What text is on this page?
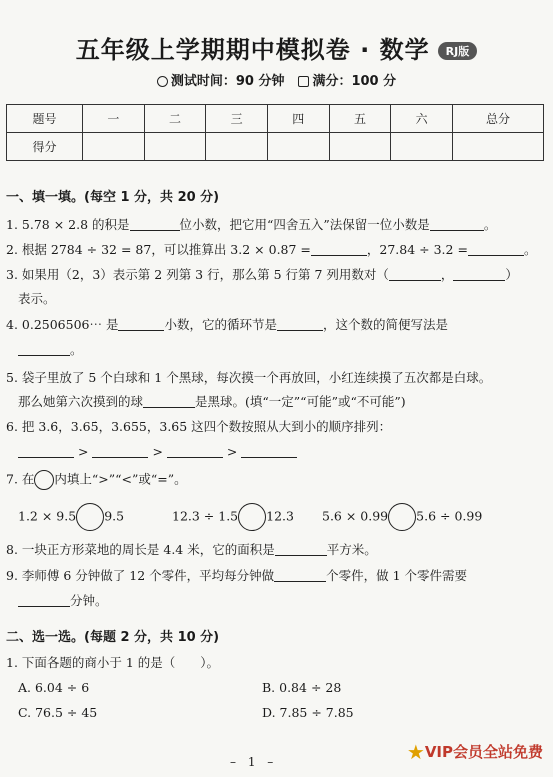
五年级上学期期中模拟卷 · 数学 RJ版
测试时间：90 分钟 满分：100 分
题号	一	二	三	四	五	六	总分
得分							
一、填一填。(每空 1 分，共 20 分)
1. 5.78 × 2.8 的积是	位小数，把它用“四舍五入”法保留一位小数是	。
2. 根据 2784 ÷ 32 = 87，可以推算出 3.2 × 0.87 =	，27.84 ÷ 3.2 =	。
3. 如果用（2，3）表示第 2 列第 3 行，那么第 5 行第 7 列用数对（	，	）
表示。
4. 0.2506506⋯ 是	小数，它的循环节是	，这个数的简便写法是
。
5. 袋子里放了 5 个白球和 1 个黑球，每次摸一个再放回，小红连续摸了五次都是白球。
那么她第六次摸到的球	是黑球。(填“一定”“可能”或“不可能”)
6. 把 3.6̇，3.65̇，3.655，3.6̇5̇ 这四个数按照从大到小的顺序排列：
>	>	>
7. 在 内填上“>”“<”或“=”。
1.2 × 9.5 9.5	12.3 ÷ 1.5 12.3 5.6 × 0.99 5.6 ÷ 0.99
8. 一块正方形菜地的周长是 4.4 米，它的面积是	平方米。
9. 李师傅 6 分钟做了 12 个零件，平均每分钟做	个零件，做 1 个零件需要
分钟。
二、选一选。(每题 2 分，共 10 分)
1. 下面各题的商小于 1 的是（　　）。
A. 6.04 ÷ 6	B. 0.84 ÷ 28
C. 76.5 ÷ 45	D. 7.85 ÷ 7.85
– 1 –	★VIP会员全站免费
